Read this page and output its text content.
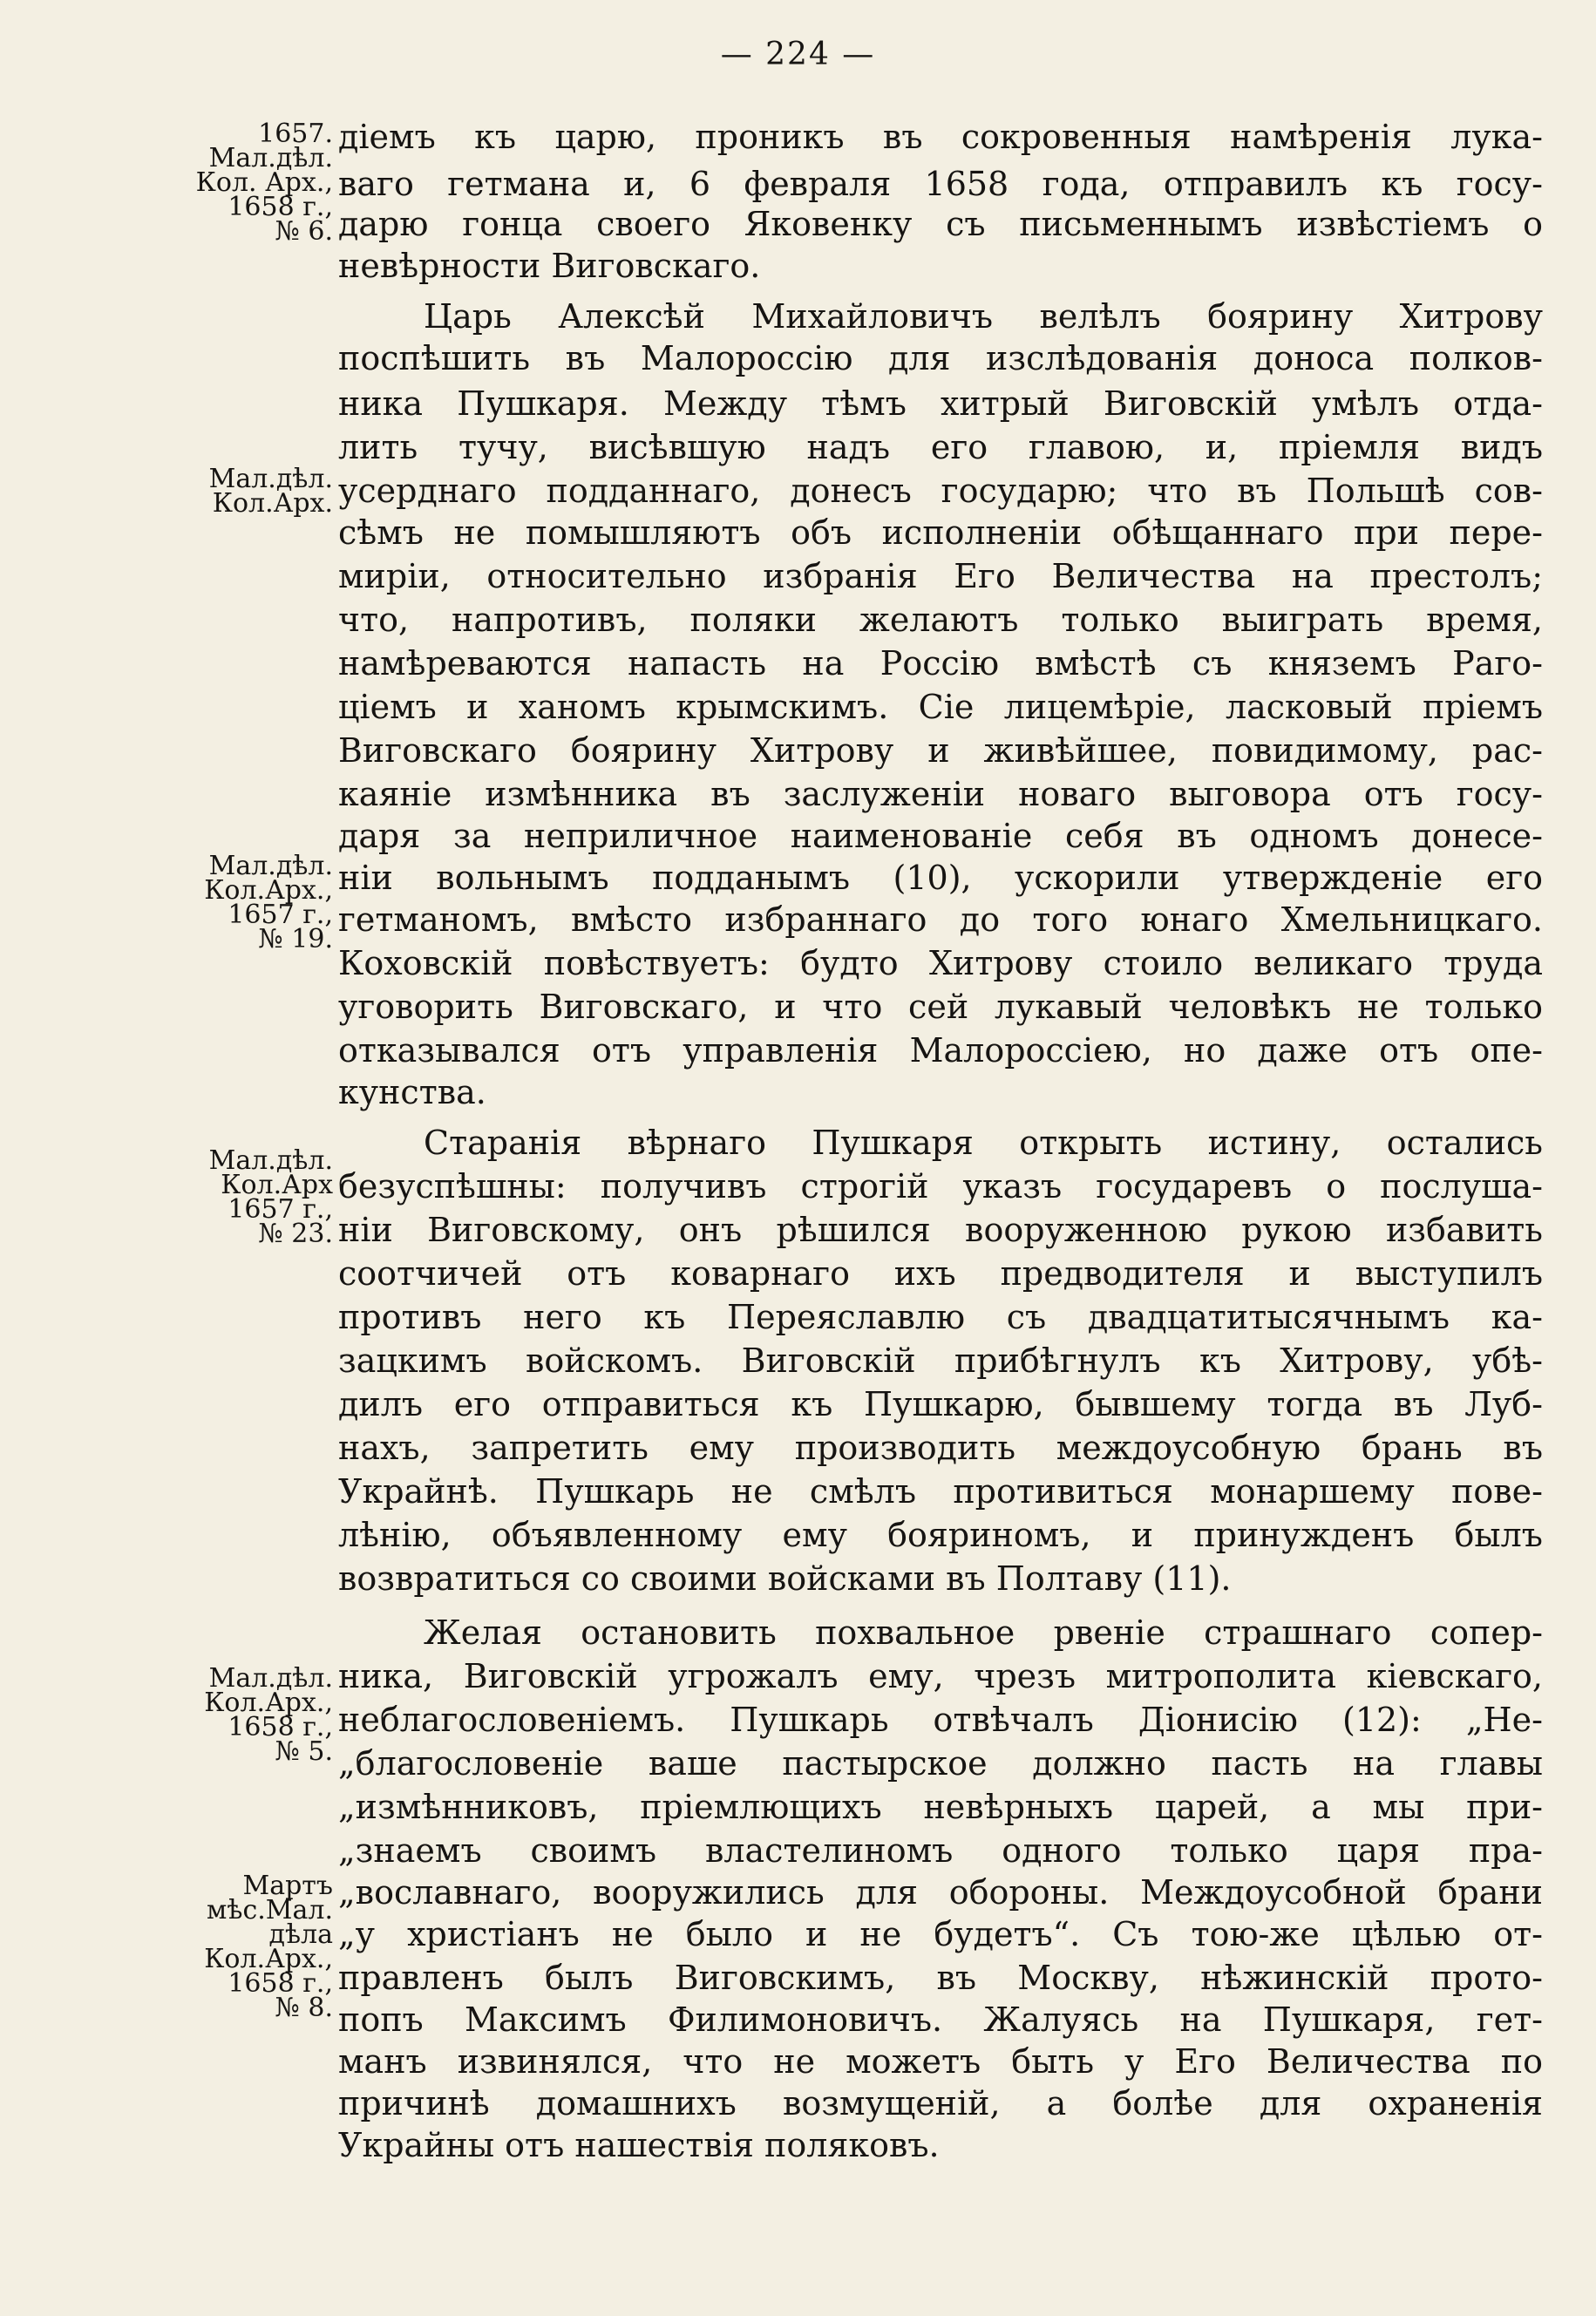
— 224 —
1657.
Мал.дѣл.
Кол. Арх.,
1658 г.,
№ 6.
Мал.дѣл.
Кол.Арх.
Мал.дѣл.
Кол.Арх.,
1657 г.,
№ 19.
Мал.дѣл.
Кол.Арх
1657 г.,
№ 23.
Мал.дѣл.
Кол.Арх.,
1658 г.,
№ 5.
Мартъ
мѣс.Мал.
дѣла
Кол.Арх.,
1658 г.,
№ 8.
діемъ къ царю, проникъ въ сокровенныя намѣренія лука-
ваго гетмана и, 6 февраля 1658 года, отправилъ къ госу-
дарю гонца своего Яковенку съ письменнымъ извѣстіемъ о
невѣрности Виговскаго.
Царь Алексѣй Михайловичъ велѣлъ боярину Хитрову
поспѣшить въ Малороссію для изслѣдованія доноса полков-
ника Пушкаря. Между тѣмъ хитрый Виговскій умѣлъ отда-
лить тучу, висѣвшую надъ его главою, и, пріемля видъ
усерднаго подданнаго, донесъ государю; что въ Польшѣ сов-
сѣмъ не помышляютъ объ исполненіи обѣщаннаго при пере-
миріи, относительно избранія Его Величества на престолъ;
что, напротивъ, поляки желаютъ только выиграть время,
намѣреваются напасть на Россію вмѣстѣ съ княземъ Раго-
ціемъ и ханомъ крымскимъ. Сіе лицемѣріе, ласковый пріемъ
Виговскаго боярину Хитрову и живѣйшее, повидимому, рас-
каяніе измѣнника въ заслуженіи новаго выговора отъ госу-
даря за неприличное наименованіе себя въ одномъ донесе-
ніи вольнымъ подданымъ (10), ускорили утвержденіе его
гетманомъ, вмѣсто избраннаго до того юнаго Хмельницкаго.
Коховскій повѣствуетъ: будто Хитрову стоило великаго труда
уговорить Виговскаго, и что сей лукавый человѣкъ не только
отказывался отъ управленія Малороссіею, но даже отъ опе-
кунства.
Старанія вѣрнаго Пушкаря открыть истину, остались
безуспѣшны: получивъ строгій указъ государевъ о послуша-
ніи Виговскому, онъ рѣшился вооруженною рукою избавить
соотчичей отъ коварнаго ихъ предводителя и выступилъ
противъ него къ Переяславлю съ двадцатитысячнымъ ка-
зацкимъ войскомъ. Виговскій прибѣгнулъ къ Хитрову, убѣ-
дилъ его отправиться къ Пушкарю, бывшему тогда въ Луб-
нахъ, запретить ему производить междоусобную брань въ
Украйнѣ. Пушкарь не смѣлъ противиться монаршему пове-
лѣнію, объявленному ему бояриномъ, и принужденъ былъ
возвратиться со своими войсками въ Полтаву (11).
Желая остановить похвальное рвеніе страшнаго сопер-
ника, Виговскій угрожалъ ему, чрезъ митрополита кіевскаго,
неблагословеніемъ. Пушкарь отвѣчалъ Діонисію (12): „Не-
„благословеніе ваше пастырское должно пасть на главы
„измѣнниковъ, пріемлющихъ невѣрныхъ царей, а мы при-
„знаемъ своимъ властелиномъ одного только царя пра-
„вославнаго, вооружились для обороны. Междоусобной брани
„у христіанъ не было и не будетъ“. Съ тою-же цѣлью от-
правленъ былъ Виговскимъ, въ Москву, нѣжинскій прото-
попъ Максимъ Филимоновичъ. Жалуясь на Пушкаря, гет-
манъ извинялся, что не можетъ быть у Его Величества по
причинѣ домашнихъ возмущеній, а болѣе для охраненія
Украйны отъ нашествія поляковъ.
